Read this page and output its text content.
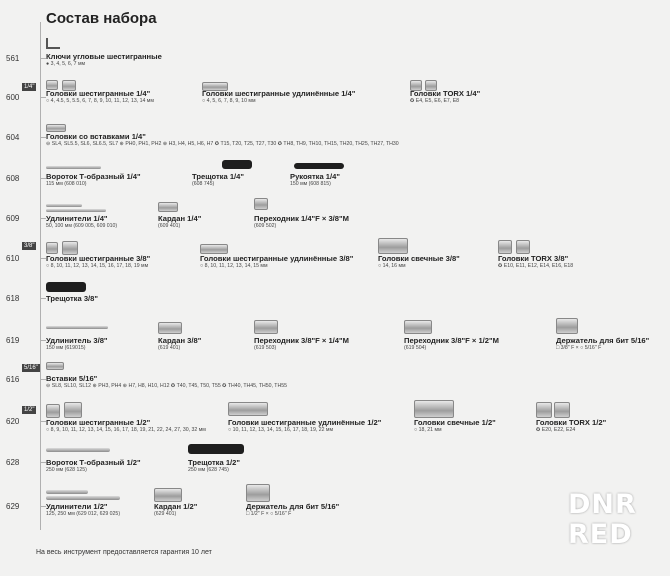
Состав набора
561	Ключи угловые шестигранные
● 3, 4, 5, 6, 7 мм
1/4"
600	Головки шестигранные 1/4"
○ 4, 4.5, 5, 5.5, 6, 7, 8, 9, 10, 11, 12, 13, 14 мм
Головки шестигранные удлинённые 1/4"
○ 4, 5, 6, 7, 8, 9, 10 мм
Головки TORX 1/4"
✪ E4, E5, E6, E7, E8
604	Головки со вставками 1/4"
⊖ SL4, SL5.5, SL6, SL6.5, SL7 ⊕ PH0, PH1, PH2 ⊕ H3, H4, H5, H6, H7 ✪ T15, T20, T25, T27, T30 ✪ TH8, TH9, TH10, TH15, TH20, TH25, TH27, TH30
608	Вороток Т-образный 1/4"
115 мм (608 010)
Трещотка 1/4"
(608 745)
Рукоятка 1/4"
150 мм (608 815)
609	Удлинители 1/4"
50, 100 мм (609 005, 609 010)
Кардан 1/4"
(609 401)
Переходник 1/4"F × 3/8"M
(609 502)
3/8"
610	Головки шестигранные 3/8"
○ 8, 10, 11, 12, 13, 14, 15, 16, 17, 18, 19 мм
Головки шестигранные удлинённые 3/8"
○ 8, 10, 11, 12, 13, 14, 15 мм
Головки свечные 3/8"
○ 14, 16 мм
Головки TORX 3/8"
✪ E10, E11, E12, E14, E16, E18
618	Трещотка 3/8"
619	Удлинитель 3/8"
150 мм (619015)
Кардан 3/8"
(619 401)
Переходник 3/8"F × 1/4"M
(619 503)
Переходник 3/8"F × 1/2"M
(619 504)
Держатель для бит 5/16"
□ 3/8" F × ○ 5/16" F
5/16"
616	Вставки 5/16"
⊖ SL8, SL10, SL12 ⊕ PH3, PH4 ⊕ H7, H8, H10, H12 ✪ T40, T45, T50, T55 ✪ TH40, TH45, TH50, TH55
1/2"
620	Головки шестигранные 1/2"
○ 8, 9, 10, 11, 12, 13, 14, 15, 16, 17, 18, 19, 21, 22, 24, 27, 30, 32 мм
Головки шестигранные удлинённые 1/2"
○ 10, 11, 12, 13, 14, 15, 16, 17, 18, 19, 22 мм
Головки свечные 1/2"
○ 18, 21 мм
Головки TORX 1/2"
✪ E20, E22, E24
628	Вороток Т-образный 1/2"
250 мм (628 125)
Трещотка 1/2"
250 мм (628 745)
629	Удлинители 1/2"
125, 250 мм (629 012, 629 025)
Кардан 1/2"
(629 401)
Держатель для бит 5/16"
□ 1/2" F × ○ 5/16" F
На весь инструмент предоставляется гарантия 10 лет
DNR
RED
